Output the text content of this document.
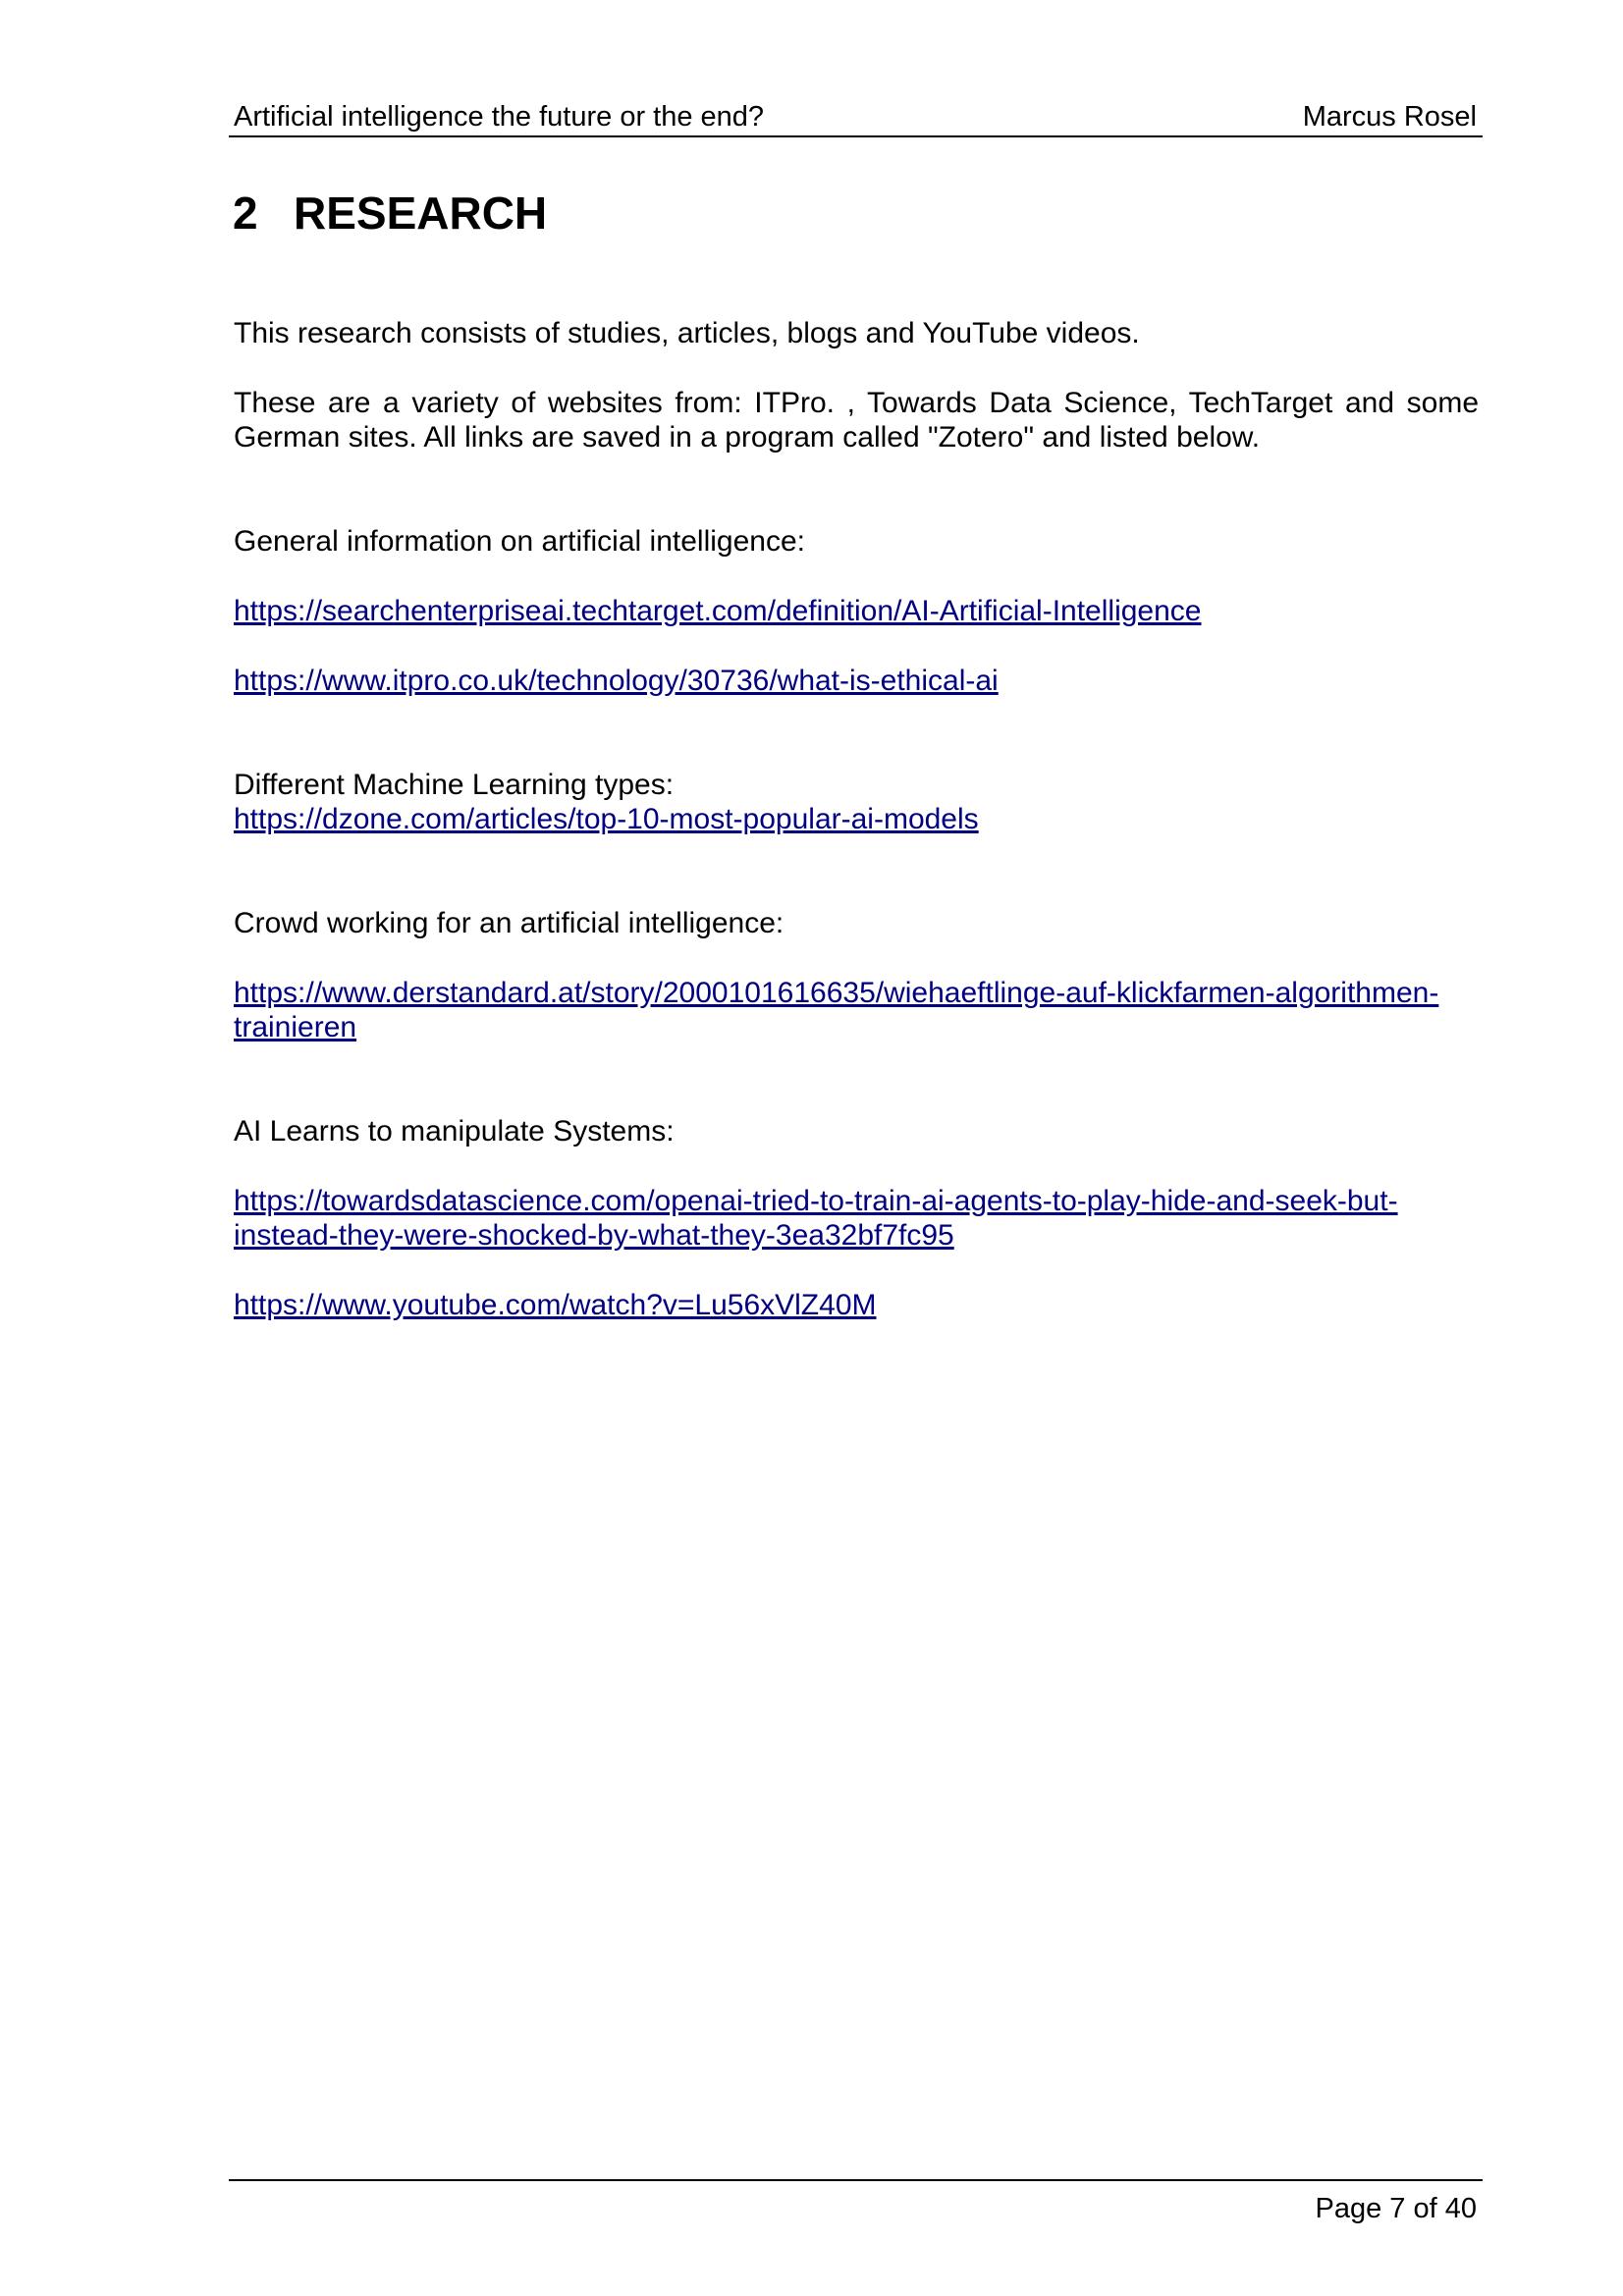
Artificial intelligence the future or the end?	Marcus Rosel
2 RESEARCH

This research consists of studies, articles, blogs and YouTube videos.

These are a variety of websites from: ITPro. , Towards Data Science, TechTarget and some German sites. All links are saved in a program called "Zotero" and listed below.

General information on artificial intelligence:

https://searchenterpriseai.techtarget.com/definition/AI-Artificial-Intelligence

https://www.itpro.co.uk/technology/30736/what-is-ethical-ai

Different Machine Learning types:

https://dzone.com/articles/top-10-most-popular-ai-models

Crowd working for an artificial intelligence:

https://www.derstandard.at/story/2000101616635/wiehaeftlinge-auf-klickfarmen-algorithmen-
trainieren

AI Learns to manipulate Systems:

https://towardsdatascience.com/openai-tried-to-train-ai-agents-to-play-hide-and-seek-but-
instead-they-were-shocked-by-what-they-3ea32bf7fc95

https://www.youtube.com/watch?v=Lu56xVlZ40M

Page 7 of 40
